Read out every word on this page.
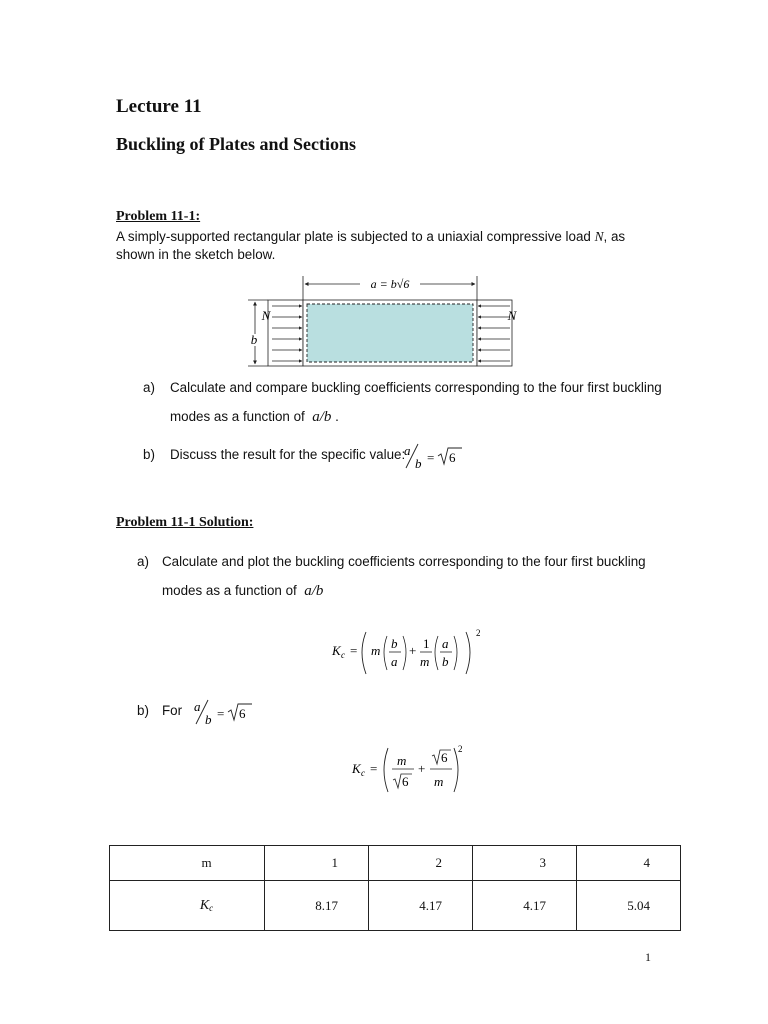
Lecture 11
Buckling of Plates and Sections
Problem 11-1:
A simply-supported rectangular plate is subjected to a uniaxial compressive load N, as shown in the sketch below.
a = b√6
b
N	N
a) Calculate and compare buckling coefficients corresponding to the four first buckling
modes as a function of a/b .
b) Discuss the result for the specific value:
a
b = 6
Problem 11-1 Solution:
a) Calculate and plot the buckling coefficients corresponding to the four first buckling
modes as a function of a/b
K c = m b
a
+ 1
m
a
b
2
b) For a
b = 6
K c =
m
6
+
6
m
2
m	1	2	3	4
Kc	8.17	4.17	4.17	5.04
1
